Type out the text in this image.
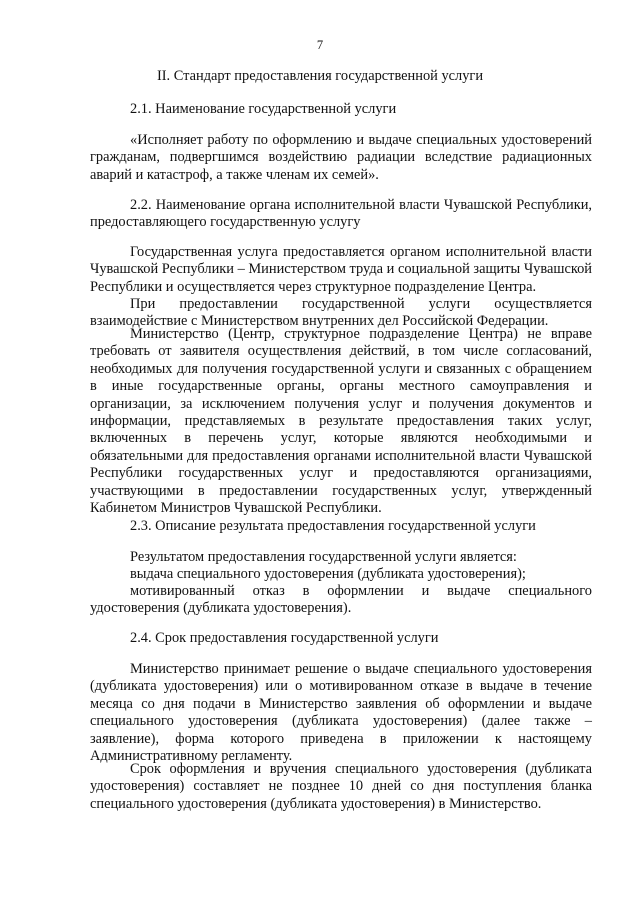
7

II. Стандарт предоставления государственной услуги

2.1. Наименование государственной услуги

«Исполняет работу по оформлению и выдаче специальных удостоверений гражданам, подвергшимся воздействию радиации вследствие радиационных аварий и катастроф, а также членам их семей».

2.2. Наименование органа исполнительной власти Чувашской Республики, предоставляющего государственную услугу

Государственная услуга предоставляется органом исполнительной власти Чувашской Республики – Министерством труда и социальной защиты Чувашской Республики и осуществляется через структурное подразделение Центра.

При предоставлении государственной услуги осуществляется взаимодействие с Министерством внутренних дел Российской Федерации.

Министерство (Центр, структурное подразделение Центра) не вправе требовать от заявителя осуществления действий, в том числе согласований, необходимых для получения государственной услуги и связанных с обращением в иные государственные органы, органы местного самоуправления и организации, за исключением получения услуг и получения документов и информации, представляемых в результате предоставления таких услуг, включенных в перечень услуг, которые являются необходимыми и обязательными для предоставления органами исполнительной власти Чувашской Республики государственных услуг и предоставляются организациями, участвующими в предоставлении государственных услуг, утвержденный Кабинетом Министров Чувашской Республики.

2.3. Описание результата предоставления государственной услуги

Результатом предоставления государственной услуги является:

выдача специального удостоверения (дубликата удостоверения);

мотивированный отказ в оформлении и выдаче специального удостоверения (дубликата удостоверения).

2.4. Срок предоставления государственной услуги

Министерство принимает решение о выдаче специального удостоверения (дубликата удостоверения) или о мотивированном отказе в выдаче в течение месяца со дня подачи в Министерство заявления об оформлении и выдаче специального удостоверения (дубликата удостоверения) (далее также – заявление), форма которого приведена в приложении к настоящему Административному регламенту.

Срок оформления и вручения специального удостоверения (дубликата удостоверения) составляет не позднее 10 дней со дня поступления бланка специального удостоверения (дубликата удостоверения) в Министерство.
